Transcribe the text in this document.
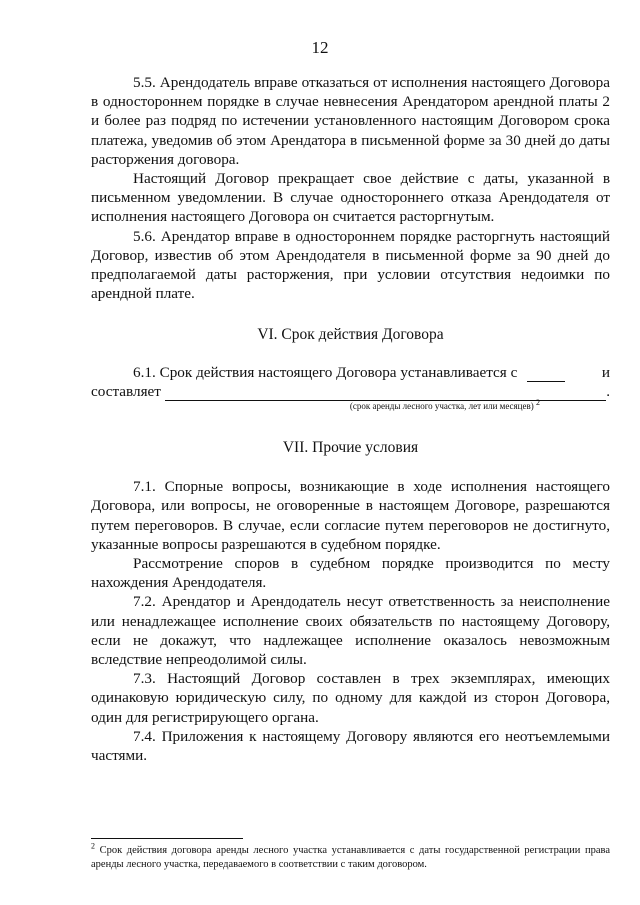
12

5.5. Арендодатель вправе отказаться от исполнения настоящего Договора в одностороннем порядке в случае невнесения Арендатором арендной платы 2 и более раз подряд по истечении установленного настоящим Договором срока платежа, уведомив об этом Арендатора в письменной форме за 30 дней до даты расторжения договора.

Настоящий Договор прекращает свое действие с даты, указанной в письменном уведомлении. В случае одностороннего отказа Арендодателя от исполнения настоящего Договора он считается расторгнутым.

5.6. Арендатор вправе в одностороннем порядке расторгнуть настоящий Договор, известив об этом Арендодателя в письменной форме за 90 дней до предполагаемой даты расторжения, при условии отсутствия недоимки по арендной плате.

VI. Срок действия Договора

6.1. Срок действия настоящего Договора устанавливается с	и
составляет	.
(срок аренды лесного участка, лет или месяцев) $^2$

VII. Прочие условия

7.1. Спорные вопросы, возникающие в ходе исполнения настоящего Договора, или вопросы, не оговоренные в настоящем Договоре, разрешаются путем переговоров. В случае, если согласие путем переговоров не достигнуто, указанные вопросы разрешаются в судебном порядке.

Рассмотрение споров в судебном порядке производится по месту нахождения Арендодателя.

7.2. Арендатор и Арендодатель несут ответственность за неисполнение или ненадлежащее исполнение своих обязательств по настоящему Договору, если не докажут, что надлежащее исполнение оказалось невозможным вследствие непреодолимой силы.

7.3. Настоящий Договор составлен в трех экземплярах, имеющих одинаковую юридическую силу, по одному для каждой из сторон Договора, один для регистрирующего органа.

7.4. Приложения к настоящему Договору являются его неотъемлемыми частями.

$^2$ Срок действия договора аренды лесного участка устанавливается с даты государственной регистрации права аренды лесного участка, передаваемого в соответствии с таким договором.
